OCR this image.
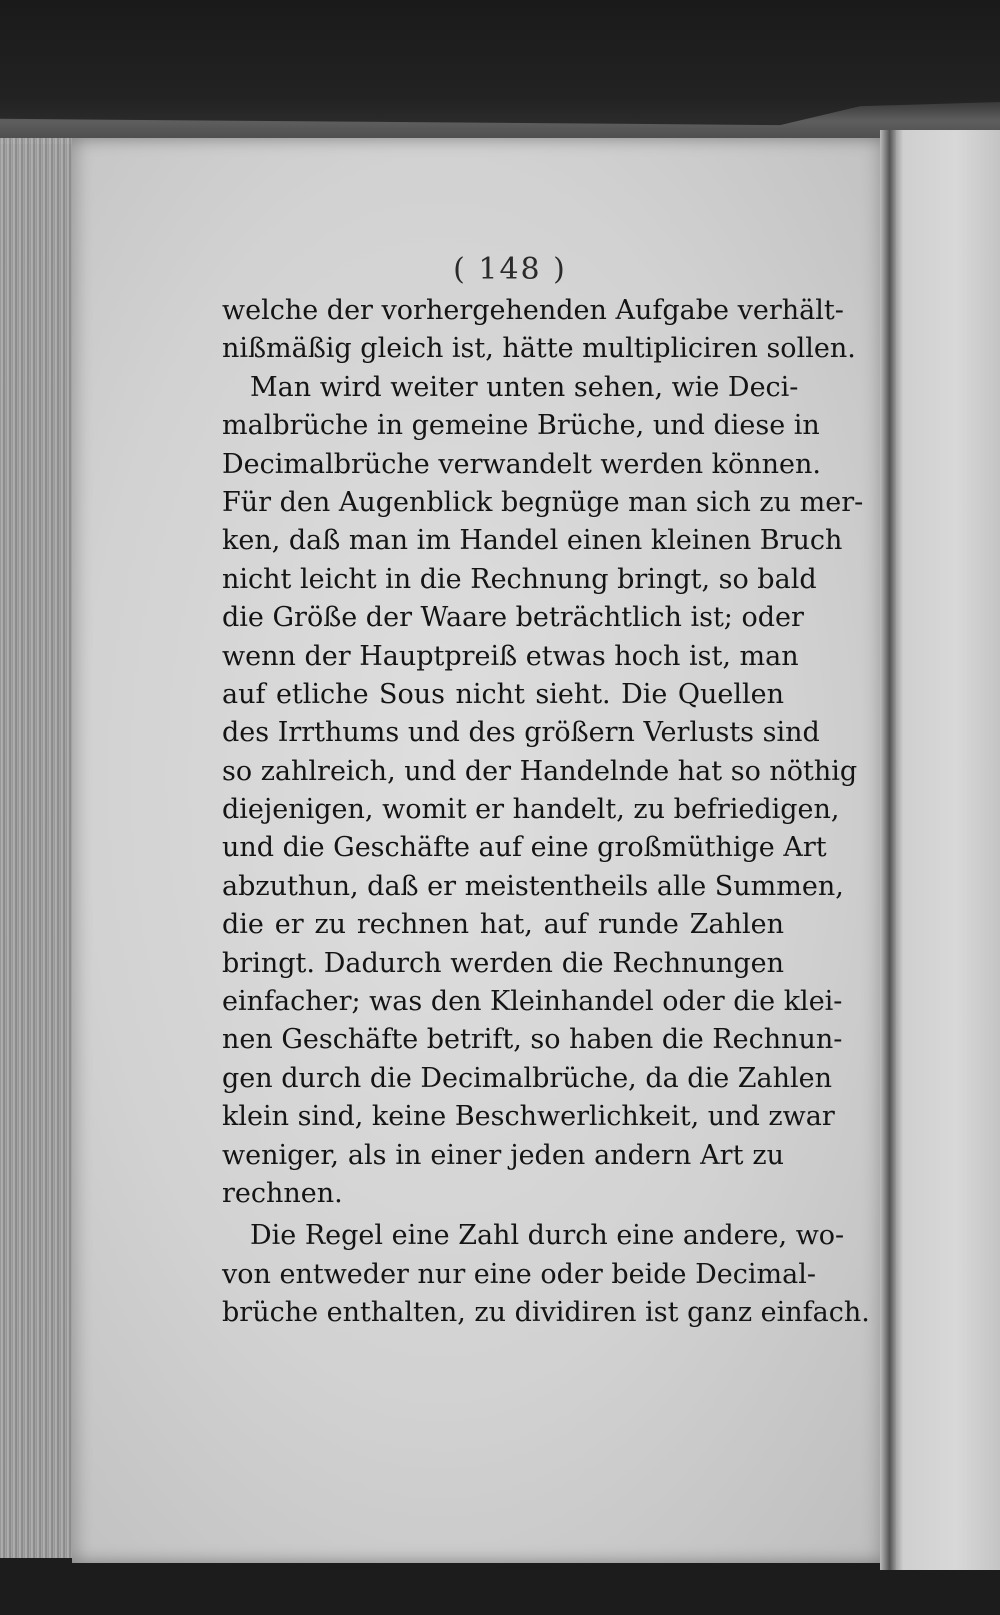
( 148 )
welche der vorhergehenden Aufgabe verhält-
nißmäßig gleich ist, hätte multipliciren sollen.
Man wird weiter unten sehen, wie Deci-
malbrüche in gemeine Brüche, und diese in
Decimalbrüche verwandelt werden können.
Für den Augenblick begnüge man sich zu mer-
ken, daß man im Handel einen kleinen Bruch
nicht leicht in die Rechnung bringt, so bald
die Größe der Waare beträchtlich ist; oder
wenn der Hauptpreiß etwas hoch ist, man
auf etliche Sous nicht sieht. Die Quellen
des Irrthums und des größern Verlusts sind
so zahlreich, und der Handelnde hat so nöthig
diejenigen, womit er handelt, zu befriedigen,
und die Geschäfte auf eine großmüthige Art
abzuthun, daß er meistentheils alle Summen,
die er zu rechnen hat, auf runde Zahlen
bringt. Dadurch werden die Rechnungen
einfacher; was den Kleinhandel oder die klei-
nen Geschäfte betrift, so haben die Rechnun-
gen durch die Decimalbrüche, da die Zahlen
klein sind, keine Beschwerlichkeit, und zwar
weniger, als in einer jeden andern Art zu
rechnen.
Die Regel eine Zahl durch eine andere, wo-
von entweder nur eine oder beide Decimal-
brüche enthalten, zu dividiren ist ganz einfach.
